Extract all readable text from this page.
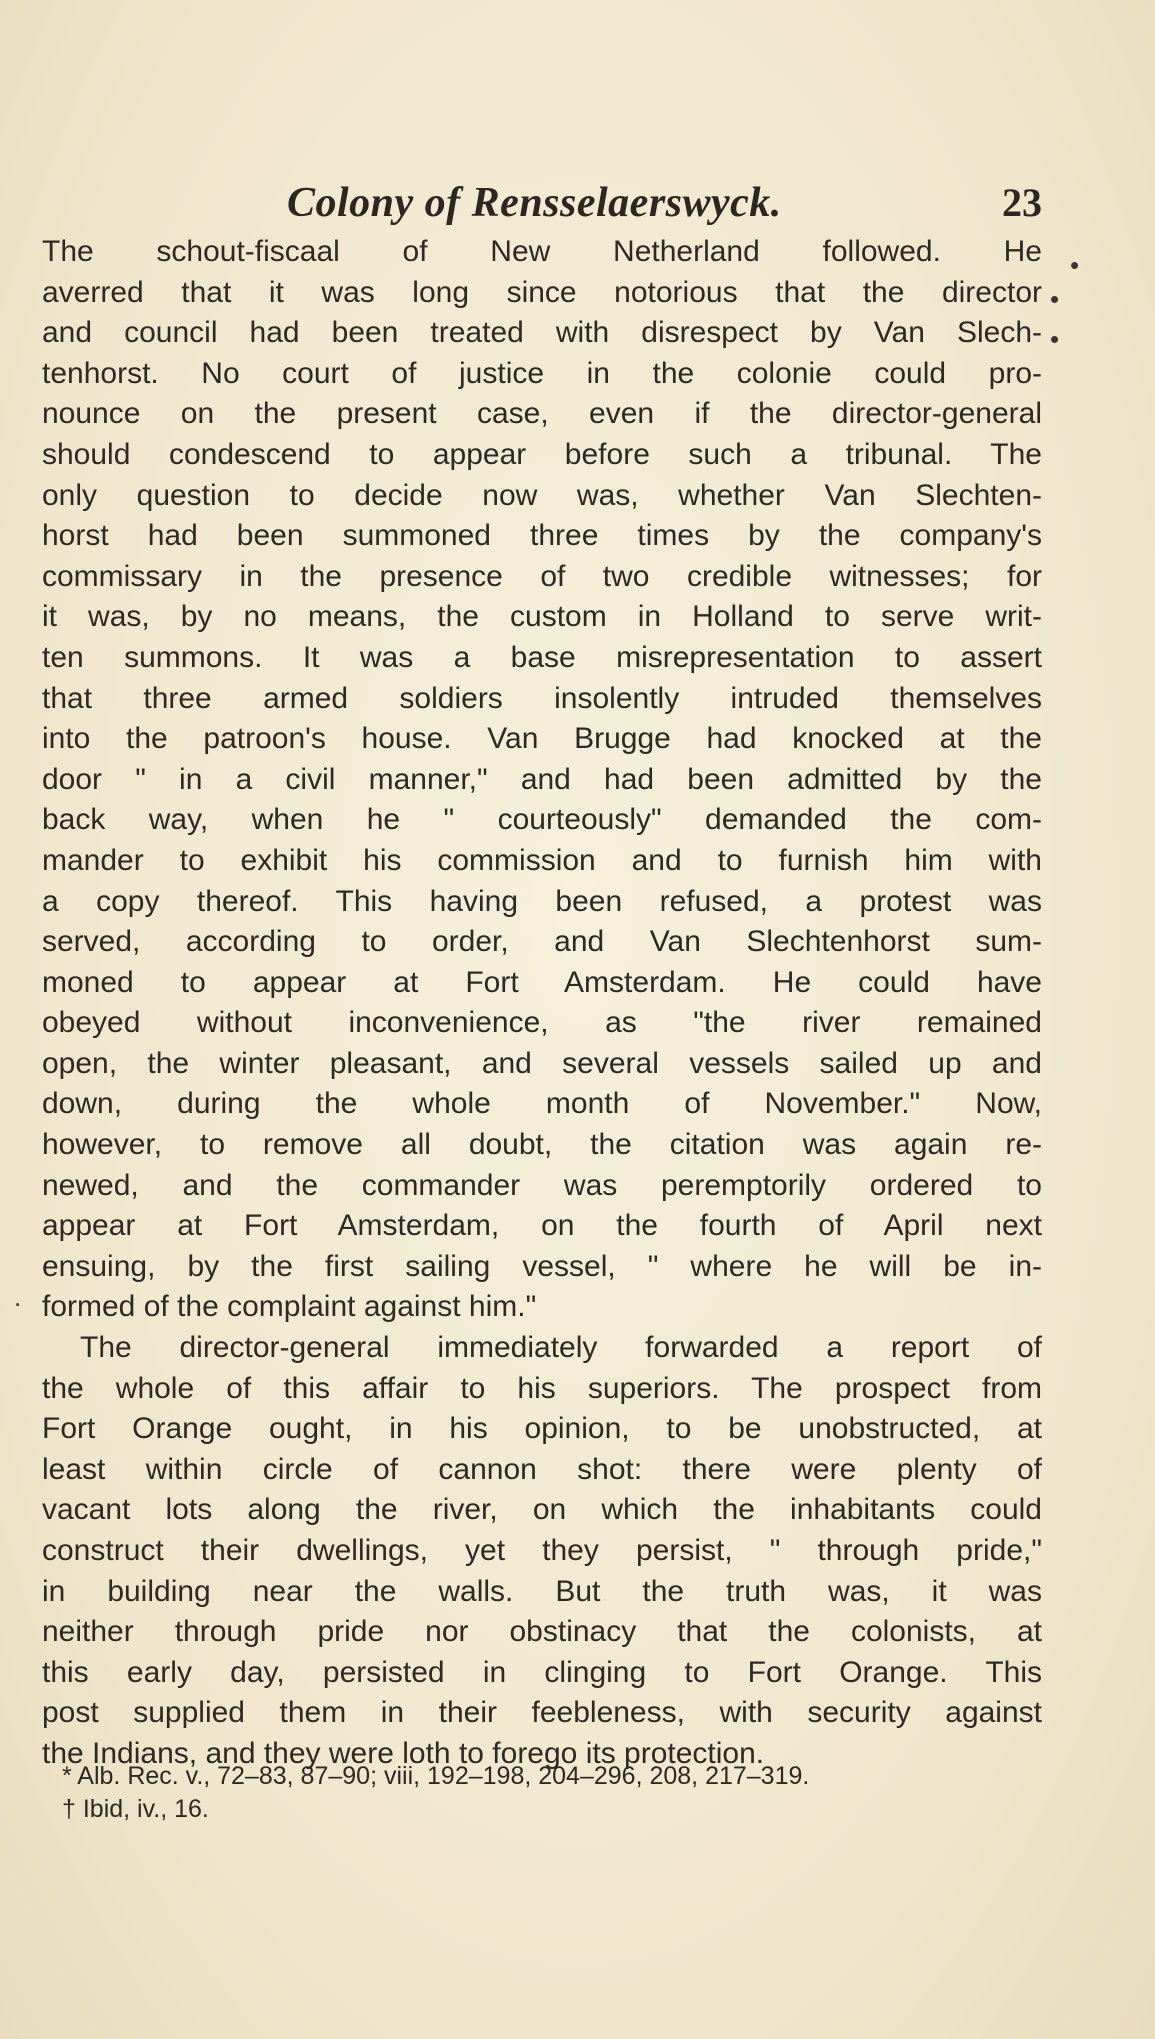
Colony of Rensselaerswyck.	23
The schout-fiscaal of New Netherland followed. He
averred that it was long since notorious that the director
and council had been treated with disrespect by Van Slech-
tenhorst. No court of justice in the colonie could pro-
nounce on the present case, even if the director-general
should condescend to appear before such a tribunal. The
only question to decide now was, whether Van Slechten-
horst had been summoned three times by the company's
commissary in the presence of two credible witnesses; for
it was, by no means, the custom in Holland to serve writ-
ten summons. It was a base misrepresentation to assert
that three armed soldiers insolently intruded themselves
into the patroon's house. Van Brugge had knocked at the
door " in a civil manner," and had been admitted by the
back way, when he " courteously" demanded the com-
mander to exhibit his commission and to furnish him with
a copy thereof. This having been refused, a protest was
served, according to order, and Van Slechtenhorst sum-
moned to appear at Fort Amsterdam. He could have
obeyed without inconvenience, as "the river remained
open, the winter pleasant, and several vessels sailed up and
down, during the whole month of November." Now,
however, to remove all doubt, the citation was again re-
newed, and the commander was peremptorily ordered to
appear at Fort Amsterdam, on the fourth of April next
ensuing, by the first sailing vessel, " where he will be in-
formed of the complaint against him."
The director-general immediately forwarded a report of
the whole of this affair to his superiors. The prospect from
Fort Orange ought, in his opinion, to be unobstructed, at
least within circle of cannon shot: there were plenty of
vacant lots along the river, on which the inhabitants could
construct their dwellings, yet they persist, " through pride,"
in building near the walls. But the truth was, it was
neither through pride nor obstinacy that the colonists, at
this early day, persisted in clinging to Fort Orange. This
post supplied them in their feebleness, with security against
the Indians, and they were loth to forego its protection.
•
•
•
.
* Alb. Rec. v., 72–83, 87–90; viii, 192–198, 204–296, 208, 217–319.
† Ibid, iv., 16.
